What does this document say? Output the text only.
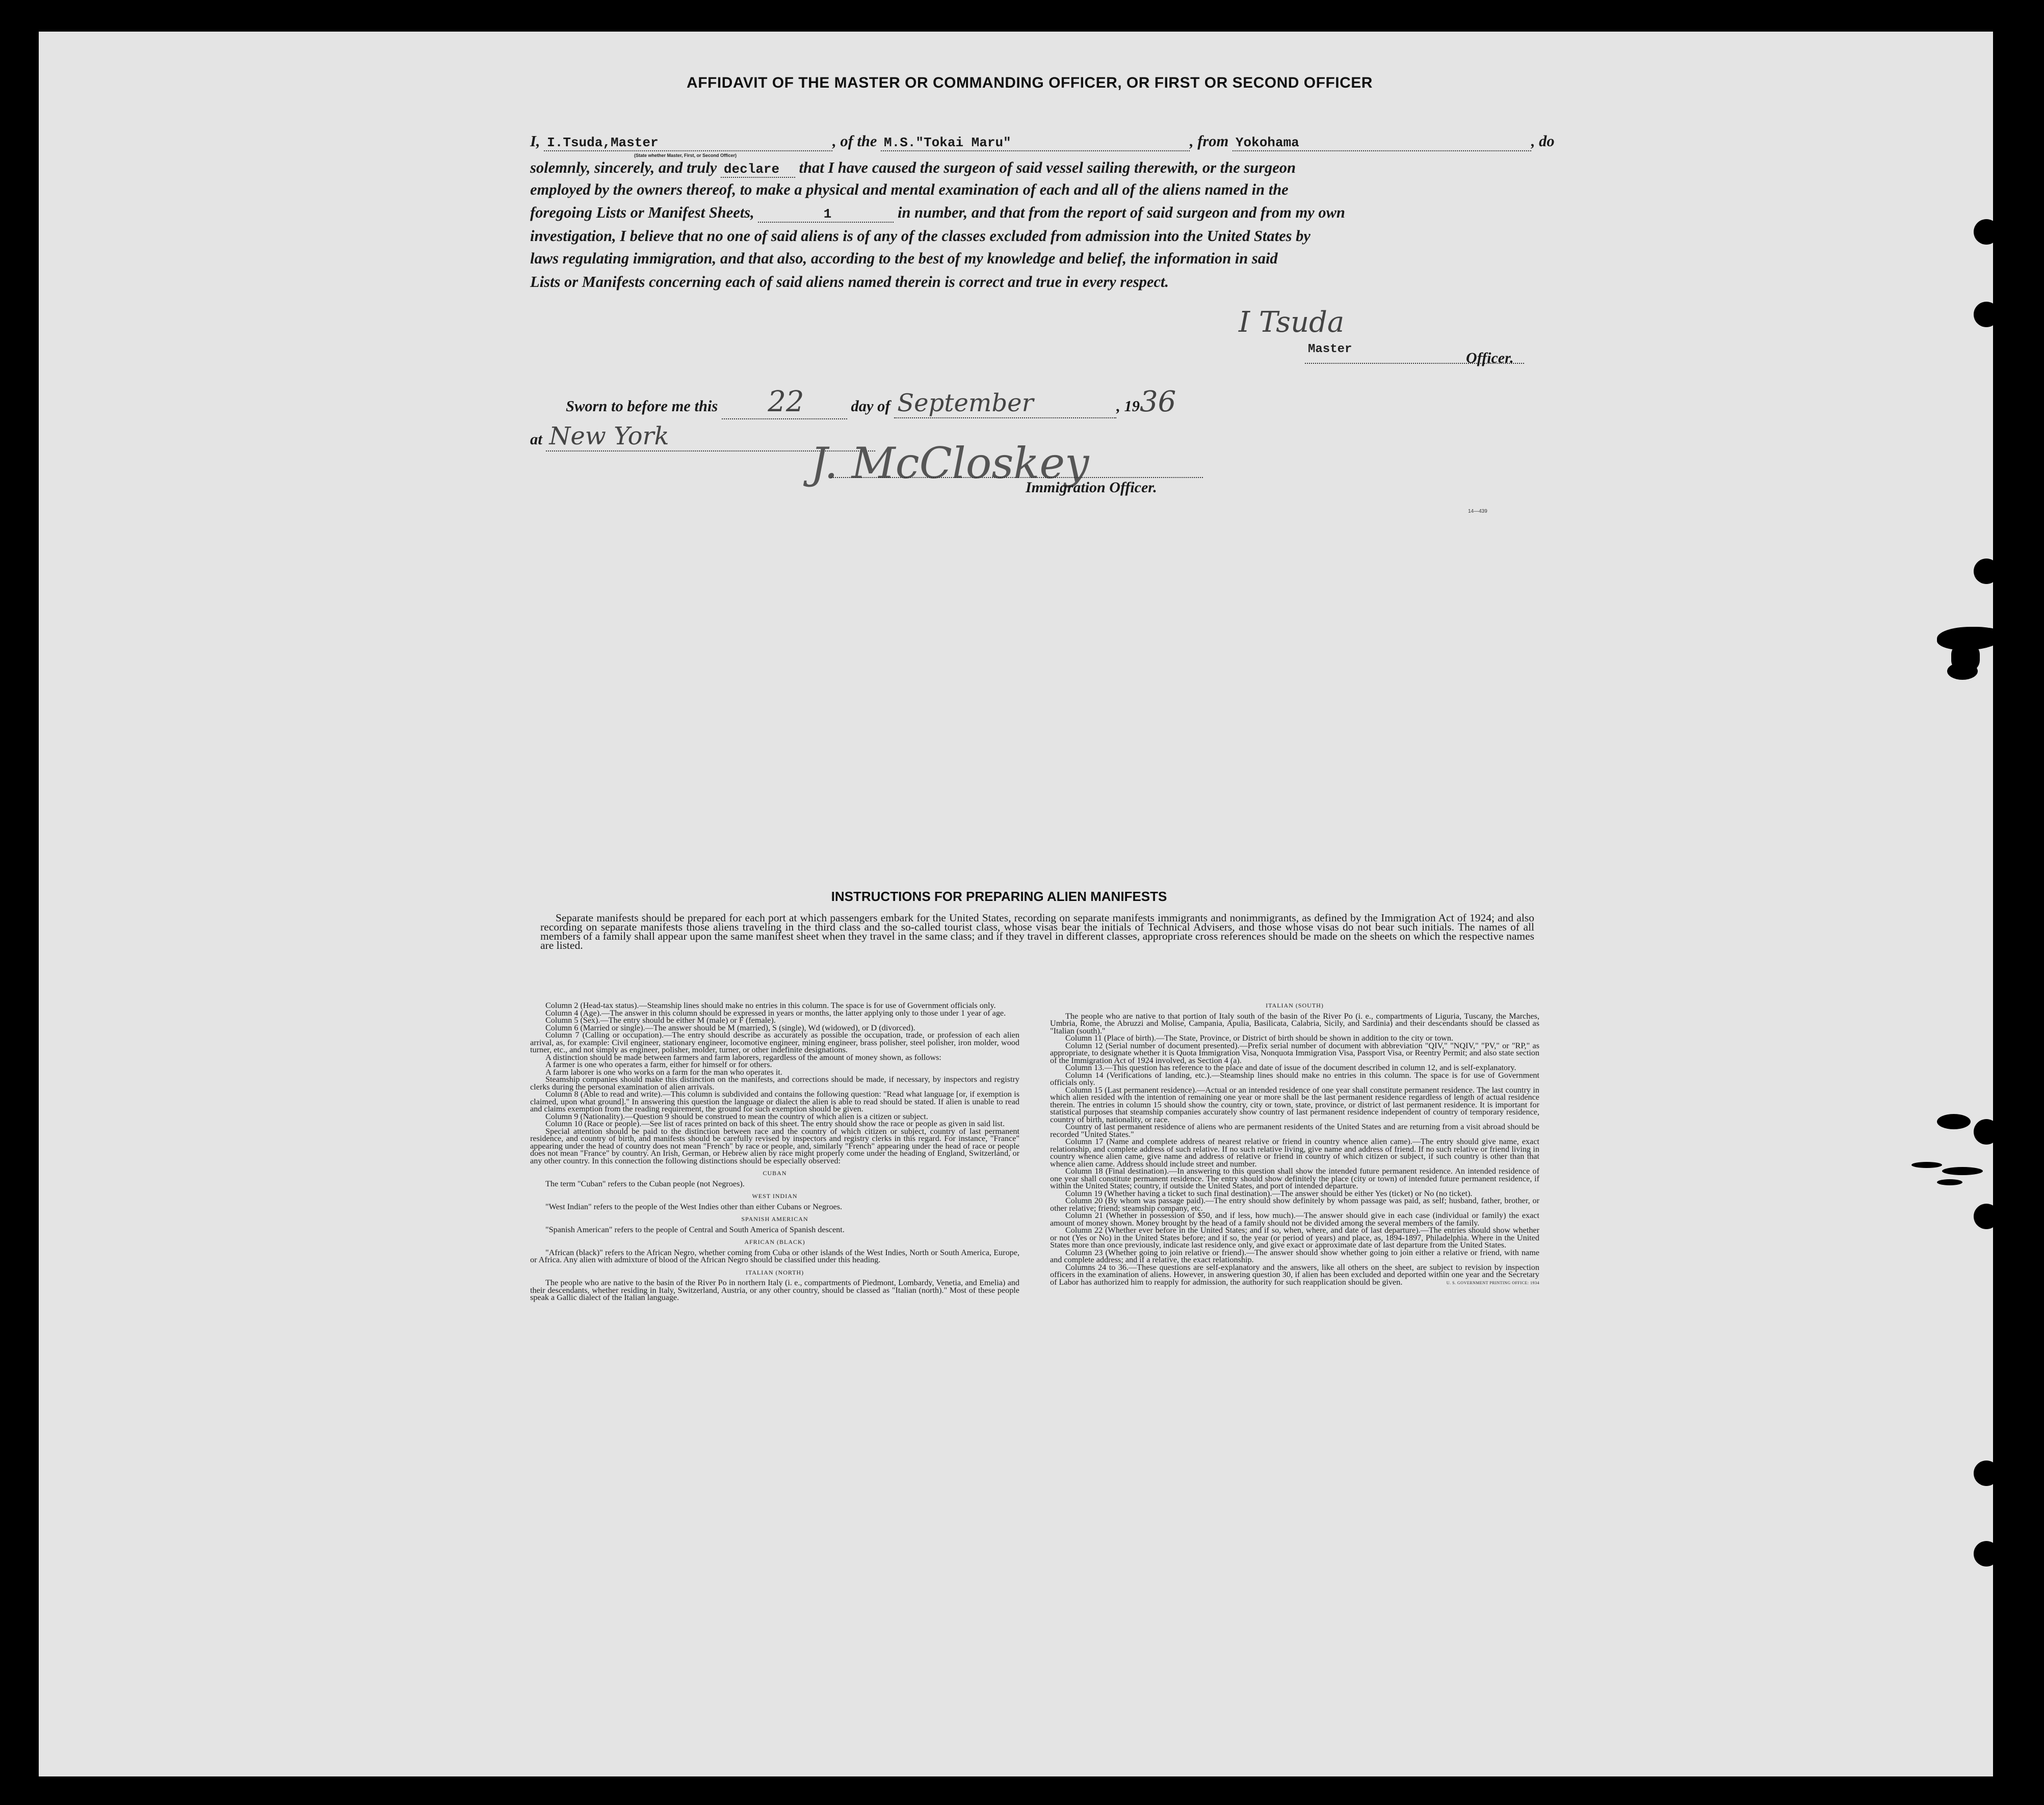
AFFIDAVIT OF THE MASTER OR COMMANDING OFFICER, OR FIRST OR SECOND OFFICER
I, I.Tsuda,Master	, of the M.S."Tokai Maru"	, from Yokohama	, do
(State whether Master, First, or Second Officer)
solemnly, sincerely, and truly declare that I have caused the surgeon of said vessel sailing therewith, or the surgeon
employed by the owners thereof, to make a physical and mental examination of each and all of the aliens named in the
foregoing Lists or Manifest Sheets,	1	in number, and that from the report of said surgeon and from my own
investigation, I believe that no one of said aliens is of any of the classes excluded from admission into the United States by
laws regulating immigration, and that also, according to the best of my knowledge and belief, the information in said
Lists or Manifests concerning each of said aliens named therein is correct and true in every respect.
I Tsuda
Master
Officer.
Sworn to before me this 22	day of September	, 1936
at New York
J. McCloskey
Immigration Officer.
14—439
INSTRUCTIONS FOR PREPARING ALIEN MANIFESTS

Separate manifests should be prepared for each port at which passengers embark for the United States, recording on separate manifests immigrants and nonimmigrants, as defined by the Immigration Act of 1924; and also recording on separate manifests those aliens traveling in the third class and the so-called tourist class, whose visas bear the initials of Technical Advisers, and those whose visas do not bear such initials. The names of all members of a family shall appear upon the same manifest sheet when they travel in the same class; and if they travel in different classes, appropriate cross references should be made on the sheets on which the respective names are listed.

Column 2 (Head-tax status).—Steamship lines should make no entries in this column. The space is for use of Government officials only.

Column 4 (Age).—The answer in this column should be expressed in years or months, the latter applying only to those under 1 year of age.

Column 5 (Sex).—The entry should be either M (male) or F (female).

Column 6 (Married or single).—The answer should be M (married), S (single), Wd (widowed), or D (divorced).

Column 7 (Calling or occupation).—The entry should describe as accurately as possible the occupation, trade, or profession of each alien arrival, as, for example: Civil engineer, stationary engineer, locomotive engineer, mining engineer, brass polisher, steel polisher, iron molder, wood turner, etc., and not simply as engineer, polisher, molder, turner, or other indefinite designations.

A distinction should be made between farmers and farm laborers, regardless of the amount of money shown, as follows:

A farmer is one who operates a farm, either for himself or for others.

A farm laborer is one who works on a farm for the man who operates it.

Steamship companies should make this distinction on the manifests, and corrections should be made, if necessary, by inspectors and registry clerks during the personal examination of alien arrivals.

Column 8 (Able to read and write).—This column is subdivided and contains the following question: "Read what language [or, if exemption is claimed, upon what ground]." In answering this question the language or dialect the alien is able to read should be stated. If alien is unable to read and claims exemption from the reading requirement, the ground for such exemption should be given.

Column 9 (Nationality).—Question 9 should be construed to mean the country of which alien is a citizen or subject.

Column 10 (Race or people).—See list of races printed on back of this sheet. The entry should show the race or people as given in said list.

Special attention should be paid to the distinction between race and the country of which citizen or subject, country of last permanent residence, and country of birth, and manifests should be carefully revised by inspectors and registry clerks in this regard. For instance, "France" appearing under the head of country does not mean "French" by race or people, and, similarly "French" appearing under the head of race or people does not mean "France" by country. An Irish, German, or Hebrew alien by race might properly come under the heading of England, Switzerland, or any other country. In this connection the following distinctions should be especially observed:

CUBAN

The term "Cuban" refers to the Cuban people (not Negroes).

WEST INDIAN

"West Indian" refers to the people of the West Indies other than either Cubans or Negroes.

SPANISH AMERICAN

"Spanish American" refers to the people of Central and South America of Spanish descent.

AFRICAN (BLACK)

"African (black)" refers to the African Negro, whether coming from Cuba or other islands of the West Indies, North or South America, Europe, or Africa. Any alien with admixture of blood of the African Negro should be classified under this heading.

ITALIAN (NORTH)

The people who are native to the basin of the River Po in northern Italy (i. e., compartments of Piedmont, Lombardy, Venetia, and Emelia) and their descendants, whether residing in Italy, Switzerland, Austria, or any other country, should be classed as "Italian (north)." Most of these people speak a Gallic dialect of the Italian language.

ITALIAN (SOUTH)

The people who are native to that portion of Italy south of the basin of the River Po (i. e., compartments of Liguria, Tuscany, the Marches, Umbria, Rome, the Abruzzi and Molise, Campania, Apulia, Basilicata, Calabria, Sicily, and Sardinia) and their descendants should be classed as "Italian (south)."

Column 11 (Place of birth).—The State, Province, or District of birth should be shown in addition to the city or town.

Column 12 (Serial number of document presented).—Prefix serial number of document with abbreviation "QIV," "NQIV," "PV," or "RP," as appropriate, to designate whether it is Quota Immigration Visa, Nonquota Immigration Visa, Passport Visa, or Reentry Permit; and also state section of the Immigration Act of 1924 involved, as Section 4 (a).

Column 13.—This question has reference to the place and date of issue of the document described in column 12, and is self-explanatory.

Column 14 (Verifications of landing, etc.).—Steamship lines should make no entries in this column. The space is for use of Government officials only.

Column 15 (Last permanent residence).—Actual or an intended residence of one year shall constitute permanent residence. The last country in which alien resided with the intention of remaining one year or more shall be the last permanent residence regardless of length of actual residence therein. The entries in column 15 should show the country, city or town, state, province, or district of last permanent residence. It is important for statistical purposes that steamship companies accurately show country of last permanent residence independent of country of temporary residence, country of birth, nationality, or race.

Country of last permanent residence of aliens who are permanent residents of the United States and are returning from a visit abroad should be recorded "United States."

Column 17 (Name and complete address of nearest relative or friend in country whence alien came).—The entry should give name, exact relationship, and complete address of such relative. If no such relative living, give name and address of friend. If no such relative or friend living in country whence alien came, give name and address of relative or friend in country of which citizen or subject, if such country is other than that whence alien came. Address should include street and number.

Column 18 (Final destination).—In answering to this question shall show the intended future permanent residence. An intended residence of one year shall constitute permanent residence. The entry should show definitely the place (city or town) of intended future permanent residence, if within the United States; country, if outside the United States, and port of intended departure.

Column 19 (Whether having a ticket to such final destination).—The answer should be either Yes (ticket) or No (no ticket).

Column 20 (By whom was passage paid).—The entry should show definitely by whom passage was paid, as self; husband, father, brother, or other relative; friend; steamship company, etc.

Column 21 (Whether in possession of $50, and if less, how much).—The answer should give in each case (individual or family) the exact amount of money shown. Money brought by the head of a family should not be divided among the several members of the family.

Column 22 (Whether ever before in the United States; and if so, when, where, and date of last departure).—The entries should show whether or not (Yes or No) in the United States before; and if so, the year (or period of years) and place, as, 1894-1897, Philadelphia. Where in the United States more than once previously, indicate last residence only, and give exact or approximate date of last departure from the United States.

Column 23 (Whether going to join relative or friend).—The answer should show whether going to join either a relative or friend, with name and complete address; and if a relative, the exact relationship.

Columns 24 to 36.—These questions are self-explanatory and the answers, like all others on the sheet, are subject to revision by inspection officers in the examination of aliens. However, in answering question 30, if alien has been excluded and deported within one year and the Secretary of Labor has authorized him to reapply for admission, the authority for such reapplication should be given.	U. S. GOVERNMENT PRINTING OFFICE: 1934
